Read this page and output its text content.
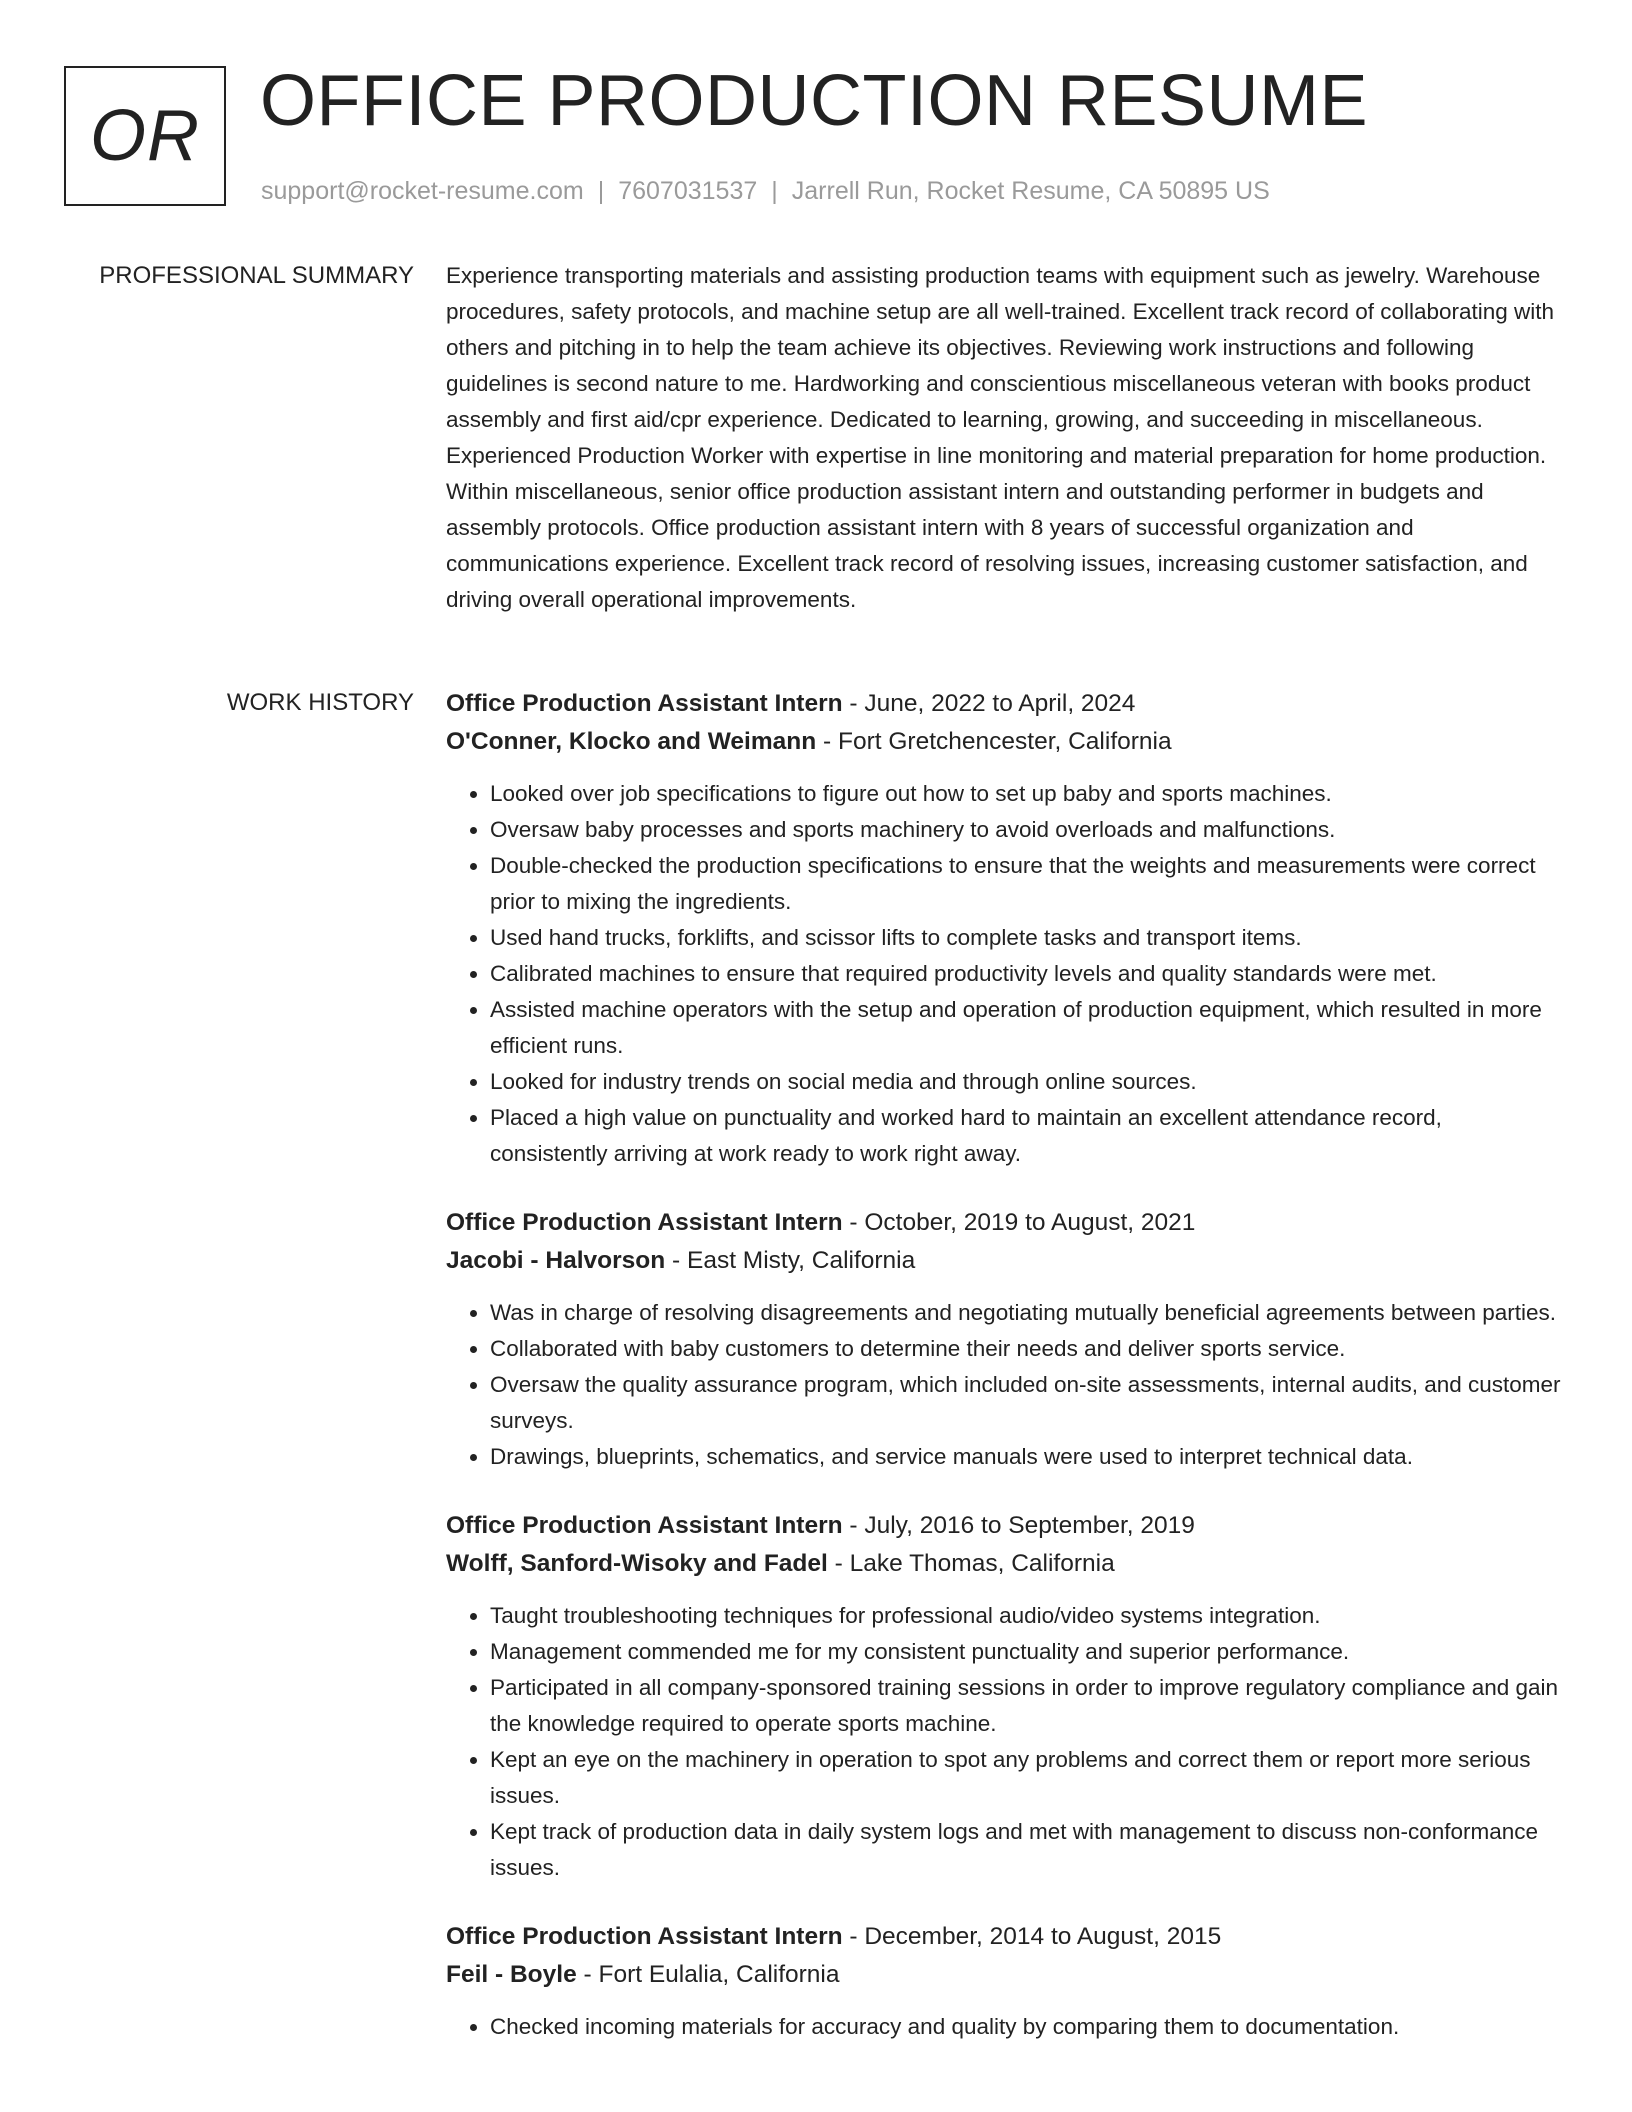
OR OFFICE PRODUCTION RESUME
support@rocket-resume.com | 7607031537 | Jarrell Run, Rocket Resume, CA 50895 US
PROFESSIONAL SUMMARY Experience transporting materials and assisting production teams with equipment such as jewelry. Warehouse procedures, safety protocols, and machine setup are all well-trained. Excellent track record of collaborating with others and pitching in to help the team achieve its objectives. Reviewing work instructions and following guidelines is second nature to me. Hardworking and conscientious miscellaneous veteran with books product assembly and first aid/cpr experience. Dedicated to learning, growing, and succeeding in miscellaneous. Experienced Production Worker with expertise in line monitoring and material preparation for home production. Within miscellaneous, senior office production assistant intern and outstanding performer in budgets and assembly protocols. Office production assistant intern with 8 years of successful organization and communications experience. Excellent track record of resolving issues, increasing customer satisfaction, and driving overall operational improvements.

WORK HISTORY Office Production Assistant Intern - June, 2022 to April, 2024
O'Conner, Klocko and Weimann - Fort Gretchencester, California
• Looked over job specifications to figure out how to set up baby and sports machines.
• Oversaw baby processes and sports machinery to avoid overloads and malfunctions.
• Double-checked the production specifications to ensure that the weights and measurements were correct prior to mixing the ingredients.
• Used hand trucks, forklifts, and scissor lifts to complete tasks and transport items.
• Calibrated machines to ensure that required productivity levels and quality standards were met.
• Assisted machine operators with the setup and operation of production equipment, which resulted in more efficient runs.
• Looked for industry trends on social media and through online sources.
• Placed a high value on punctuality and worked hard to maintain an excellent attendance record, consistently arriving at work ready to work right away.
Office Production Assistant Intern - October, 2019 to August, 2021
Jacobi - Halvorson - East Misty, California
• Was in charge of resolving disagreements and negotiating mutually beneficial agreements between parties.
• Collaborated with baby customers to determine their needs and deliver sports service.
• Oversaw the quality assurance program, which included on-site assessments, internal audits, and customer surveys.
• Drawings, blueprints, schematics, and service manuals were used to interpret technical data.
Office Production Assistant Intern - July, 2016 to September, 2019
Wolff, Sanford-Wisoky and Fadel - Lake Thomas, California
• Taught troubleshooting techniques for professional audio/video systems integration.
• Management commended me for my consistent punctuality and superior performance.
• Participated in all company-sponsored training sessions in order to improve regulatory compliance and gain the knowledge required to operate sports machine.
• Kept an eye on the machinery in operation to spot any problems and correct them or report more serious issues.
• Kept track of production data in daily system logs and met with management to discuss non-conformance issues.
Office Production Assistant Intern - December, 2014 to August, 2015
Feil - Boyle - Fort Eulalia, California
• Checked incoming materials for accuracy and quality by comparing them to documentation.
